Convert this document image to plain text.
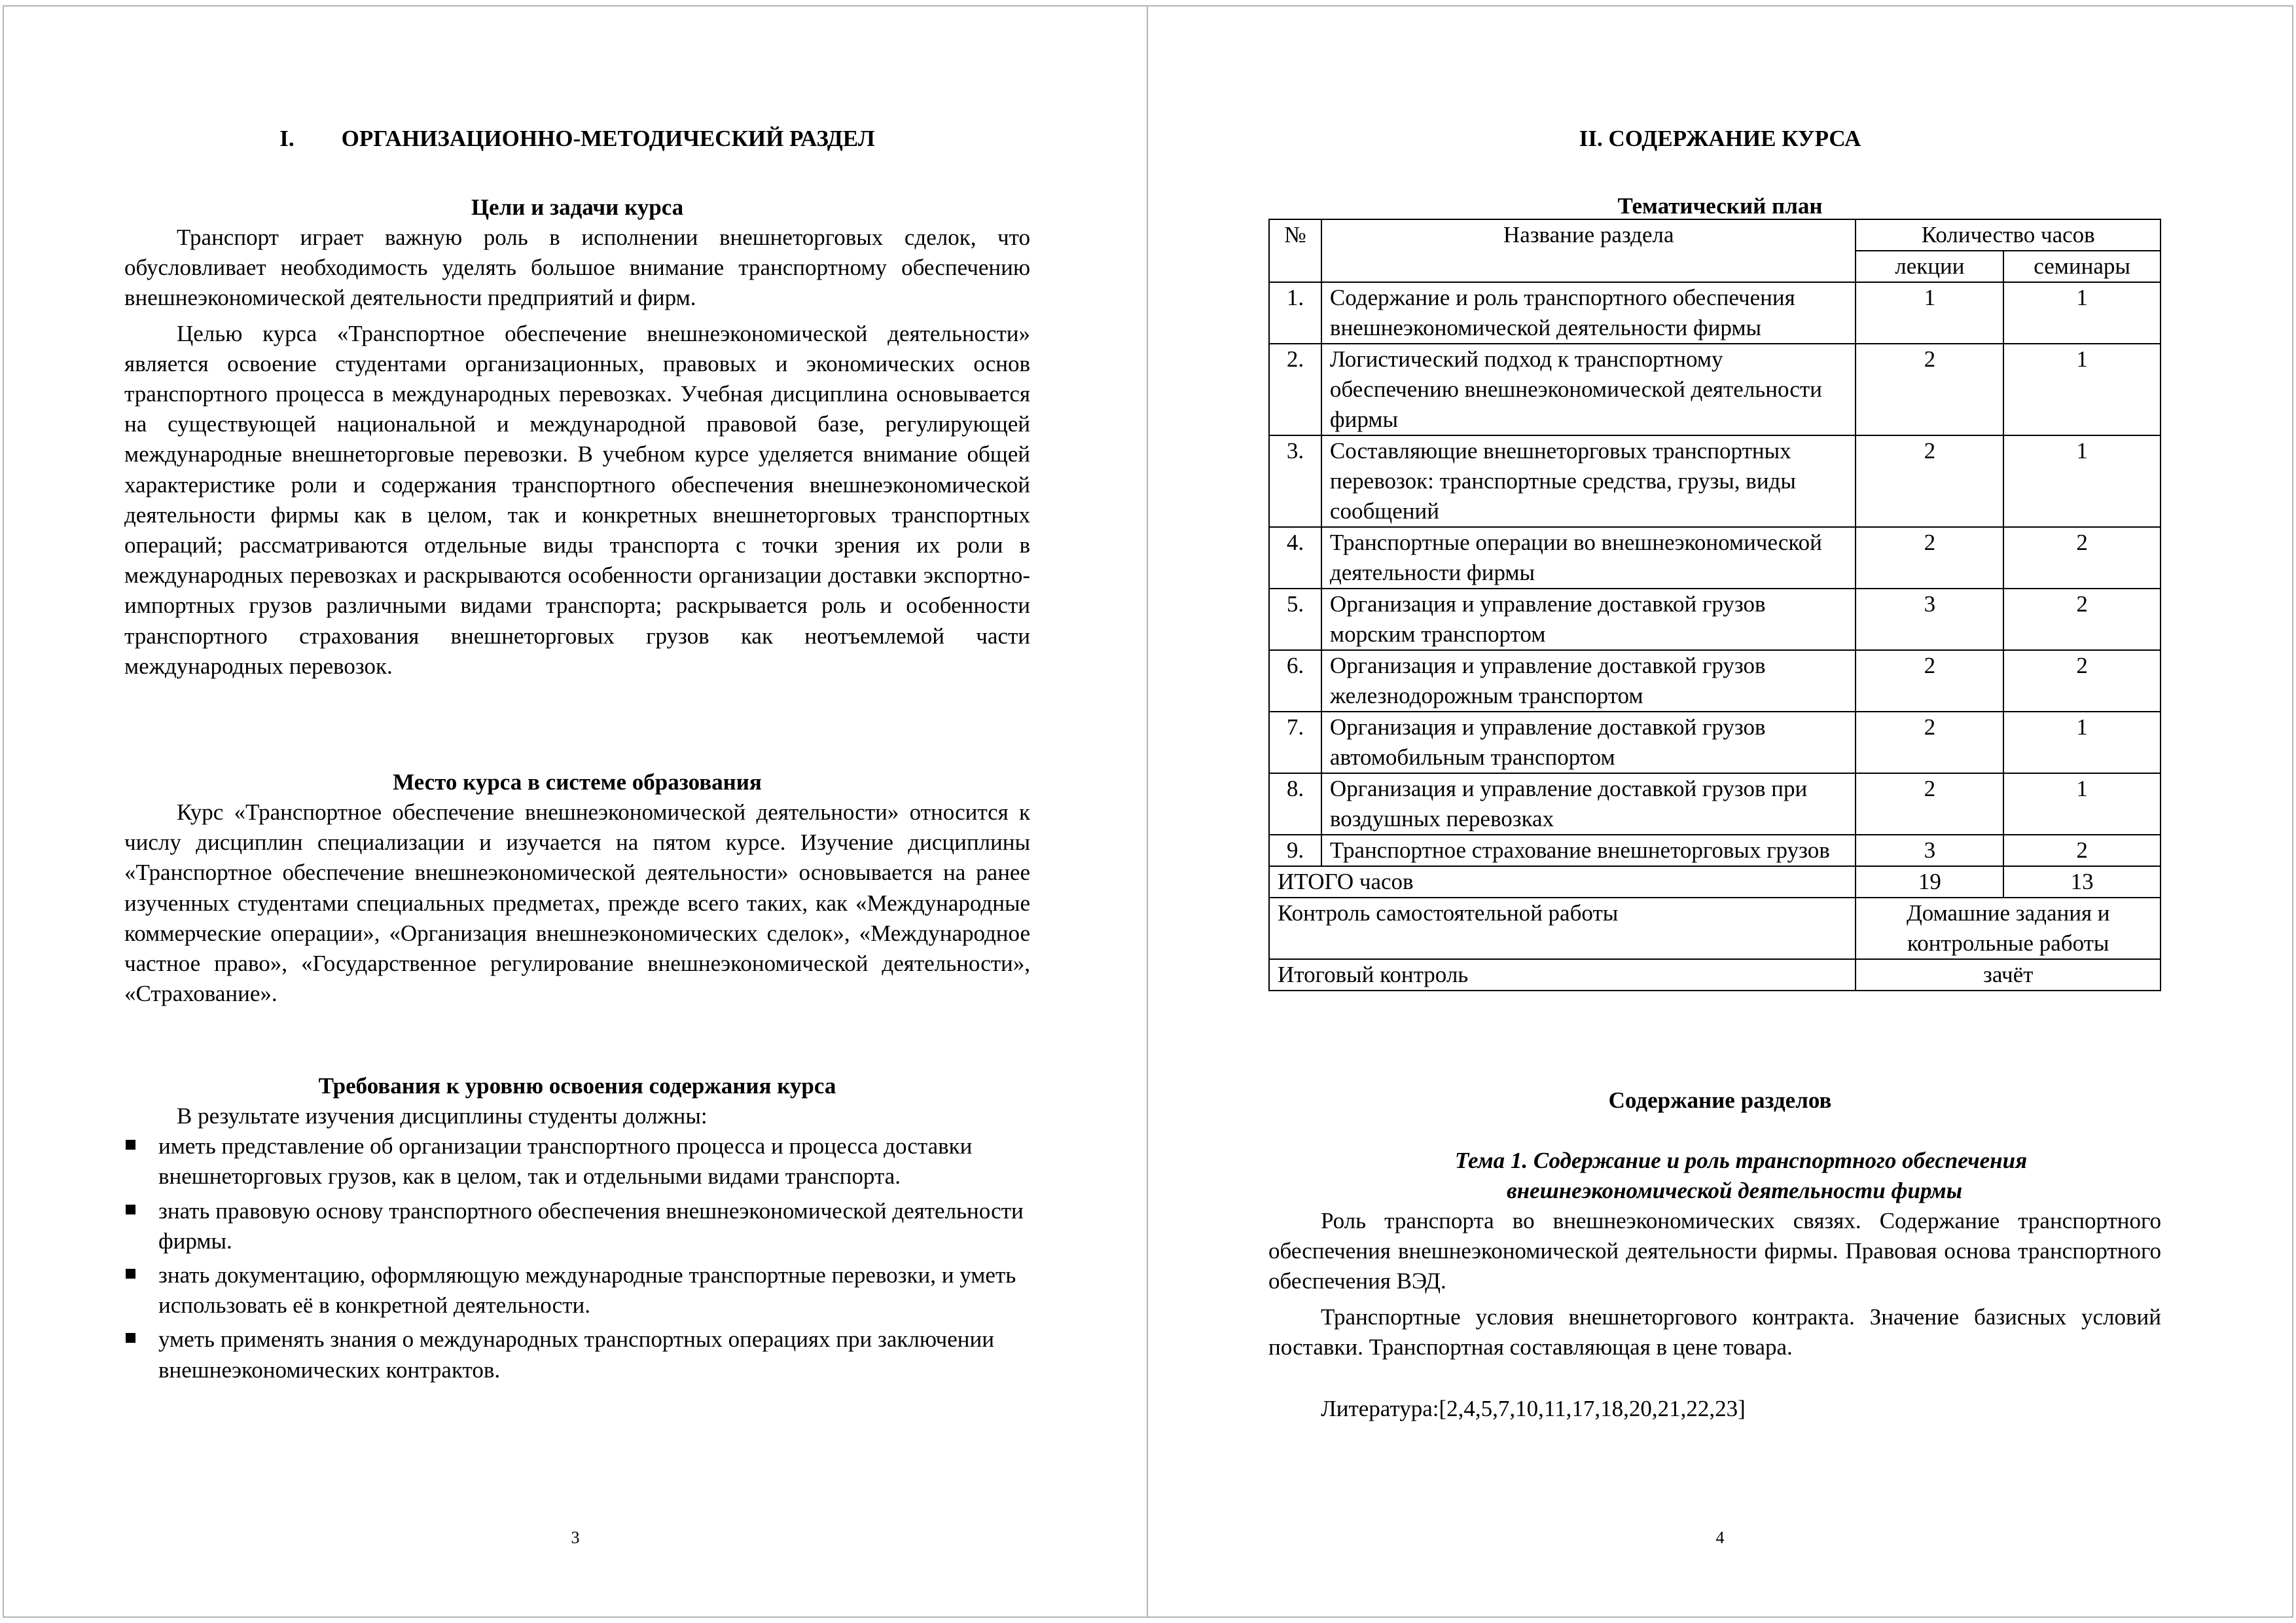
I. ОРГАНИЗАЦИОННО-МЕТОДИЧЕСКИЙ РАЗДЕЛ
Цели и задачи курса

Транспорт играет важную роль в исполнении внешнеторговых сделок, что обусловливает необходимость уделять большое внимание транспортному обеспечению внешнеэкономической деятельности предприятий и фирм.

Целью курса «Транспортное обеспечение внешнеэкономической деятельности» является освоение студентами организационных, правовых и экономических основ транспортного процесса в международных перевозках. Учебная дисциплина основывается на существующей национальной и международной правовой базе, регулирующей международные внешнеторговые перевозки. В учебном курсе уделяется внимание общей характеристике роли и содержания транспортного обеспечения внешнеэкономической деятельности фирмы как в целом, так и конкретных внешнеторговых транспортных операций; рассматриваются отдельные виды транспорта с точки зрения их роли в международных перевозках и раскрываются особенности организации доставки экспортно-импортных грузов различными видами транспорта; раскрывается роль и особенности транспортного страхования внешнеторговых грузов как неотъемлемой части международных перевозок.

Место курса в системе образования

Курс «Транспортное обеспечение внешнеэкономической деятельности» относится к числу дисциплин специализации и изучается на пятом курсе. Изучение дисциплины «Транспортное обеспечение внешнеэкономической деятельности» основывается на ранее изученных студентами специальных предметах, прежде всего таких, как «Международные коммерческие операции», «Организация внешнеэкономических сделок», «Международное частное право», «Государственное регулирование внешнеэкономической деятельности», «Страхование».

Требования к уровню освоения содержания курса

В результате изучения дисциплины студенты должны:

иметь представление об организации транспортного процесса и процесса доставки внешнеторговых грузов, как в целом, так и отдельными видами транспорта.
знать правовую основу транспортного обеспечения внешнеэкономической деятельности фирмы.
знать документацию, оформляющую международные транспортные перевозки, и уметь использовать её в конкретной деятельности.
уметь применять знания о международных транспортных операциях при заключении внешнеэкономических контрактов.
3
II. СОДЕРЖАНИЕ КУРСА
Тематический план
№	Название раздела	Количество часов	
		лекции	семинары
1.	Содержание и роль транспортного обеспечения внешнеэкономической деятельности фирмы	1	1
2.	Логистический подход к транспортному обеспечению внешнеэкономической деятельности фирмы	2	1
3.	Составляющие внешнеторговых транспортных перевозок: транспортные средства, грузы, виды сообщений	2	1
4.	Транспортные операции во внешнеэкономической деятельности фирмы	2	2
5.	Организация и управление доставкой грузов морским транспортом	3	2
6.	Организация и управление доставкой грузов железнодорожным транспортом	2	2
7.	Организация и управление доставкой грузов автомобильным транспортом	2	1
8.	Организация и управление доставкой грузов при воздушных перевозках	2	1
9.	Транспортное страхование внешнеторговых грузов	3	2
ИТОГО часов		19	13
Контроль самостоятельной работы		Домашние задания и контрольные работы	
Итоговый контроль		зачёт	
Содержание разделов
Тема 1. Содержание и роль транспортного обеспечения
внешнеэкономической деятельности фирмы

Роль транспорта во внешнеэкономических связях. Содержание транспортного обеспечения внешнеэкономической деятельности фирмы. Правовая основа транспортного обеспечения ВЭД.

Транспортные условия внешнеторгового контракта. Значение базисных условий поставки. Транспортная составляющая в цене товара.

Литература:[2,4,5,7,10,11,17,18,20,21,22,23]

4
